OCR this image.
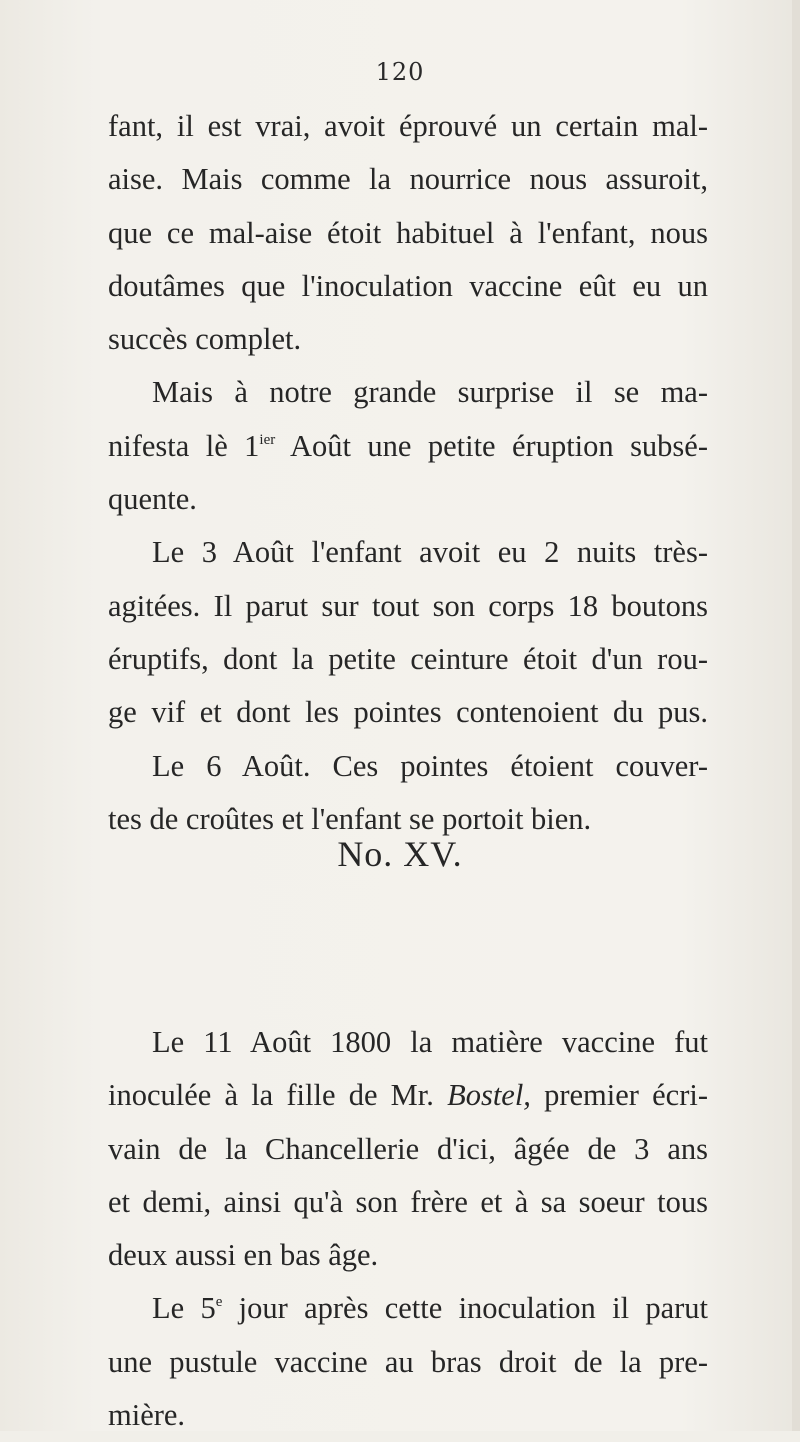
120
fant, il est vrai, avoit éprouvé un certain mal-
aise. Mais comme la nourrice nous assuroit,
que ce mal-aise étoit habituel à l'enfant, nous
doutâmes que l'inoculation vaccine eût eu un
succès complet.
Mais à notre grande surprise il se ma-
nifesta lè $1^{ier}$ Août une petite éruption subsé-
quente.
Le 3 Août l'enfant avoit eu 2 nuits très-
agitées. Il parut sur tout son corps 18 boutons
éruptifs, dont la petite ceinture étoit d'un rou-
ge vif et dont les pointes contenoient du pus.
Le 6 Août. Ces pointes étoient couver-
tes de croûtes et l'enfant se portoit bien.
No. XV.
Le 11 Août 1800 la matière vaccine fut
inoculée à la fille de Mr. Bostel, premier écri-
vain de la Chancellerie d'ici, âgée de 3 ans
et demi, ainsi qu'à son frère et à sa soeur tous
deux aussi en bas âge.
Le 5e jour après cette inoculation il parut
une pustule vaccine au bras droit de la pre-
mière.
